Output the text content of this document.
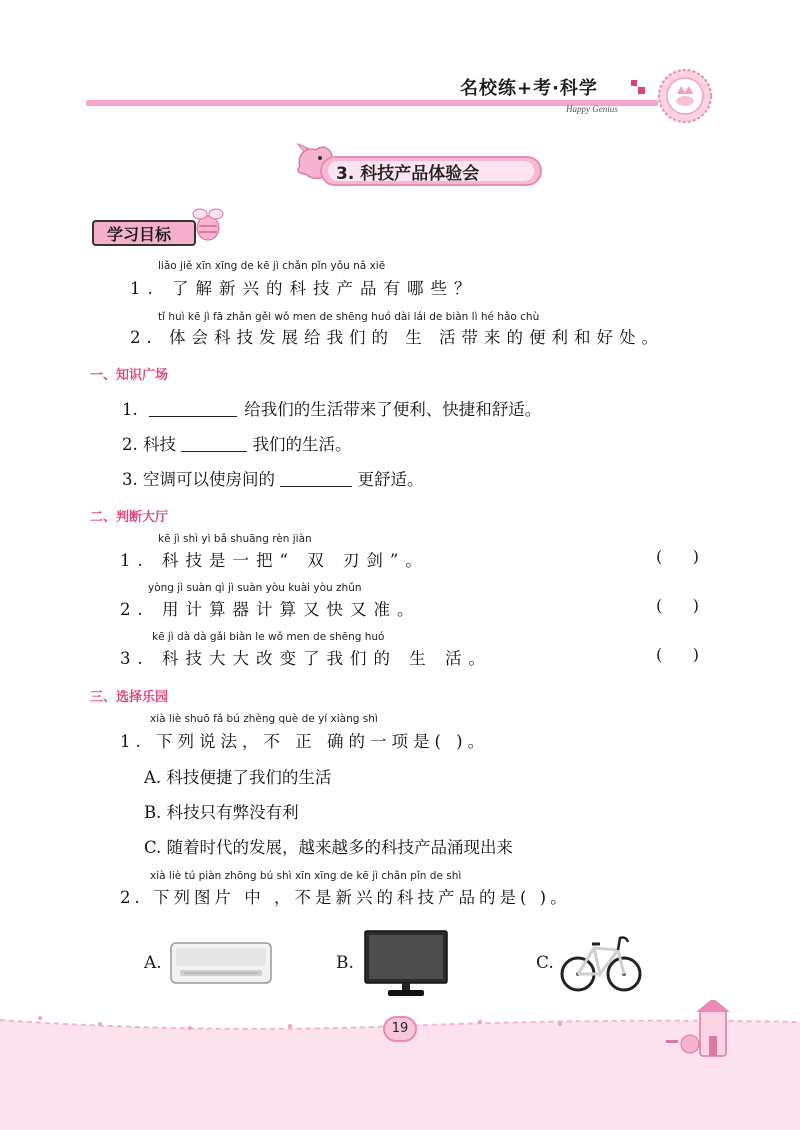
名校练+考·科学
Happy Genius
3. 科技产品体验会
学习目标
liǎo jiě xīn xīng de kē jì chǎn pǐn yǒu nǎ xiē
1. 了解新兴的科技产品有哪些？
tǐ huì kē jì fā zhǎn gěi wǒ men de shēng huó dài lái de biàn lì hé hǎo chù
2. 体会科技发展给我们的 生 活带来的便利和好处。
一、知识广场
1.	给我们的生活带来了便利、快捷和舒适。
2. 科技	我们的生活。
3. 空调可以使房间的	更舒适。
二、判断大厅
kē jì shì yì bǎ shuāng rèn jiàn
1. 科技是一把“ 双 刃剑”。	(      )
yòng jì suàn qì jì suàn yòu kuài yòu zhǔn
2. 用计算器计算又快又准。	(      )
kē jì dà dà gǎi biàn le wǒ men de shēng huó
3. 科技大大改变了我们的 生 活。	(      )
三、选择乐园
xià liè shuō fǎ bú zhèng què de yí xiàng shì
1. 下列说法，不 正 确的一项是( )。
A. 科技便捷了我们的生活
B. 科技只有弊没有利
C. 随着时代的发展，越来越多的科技产品涌现出来
xià liè tú piàn zhōng bú shì xīn xīng de kē jì chǎn pǐn de shì
2. 下列图片 中 ，不是新兴的科技产品的是( )。
A.	B.	C.
19
